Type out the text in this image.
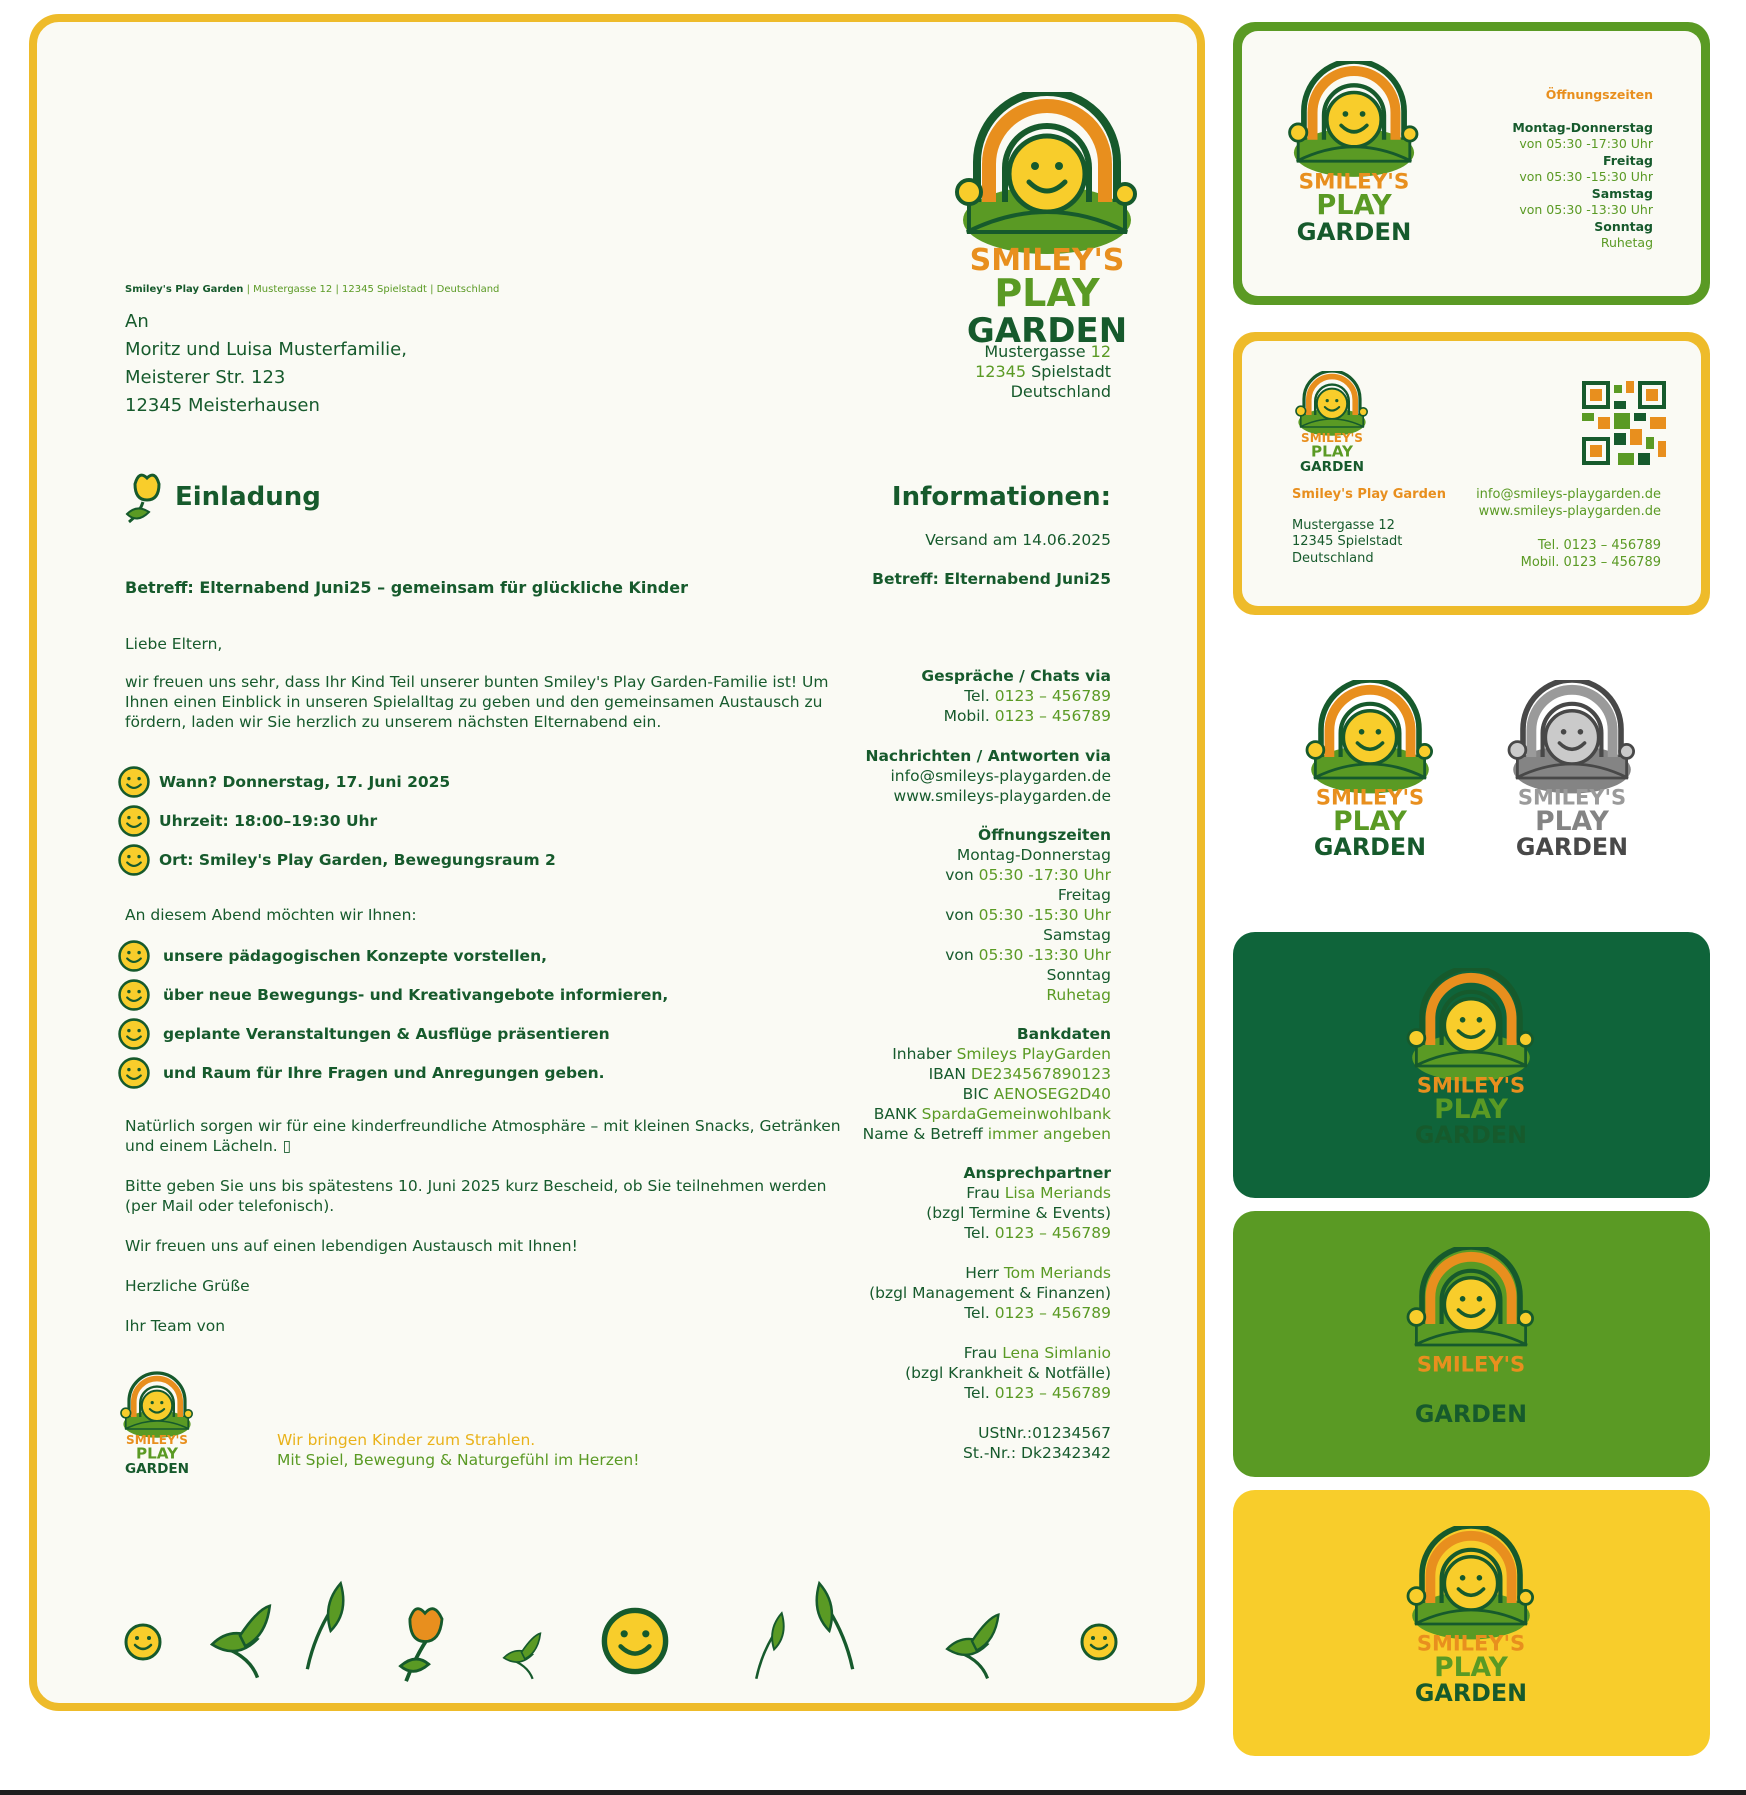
Smiley's Play Garden | Mustergasse 12 | 12345 Spielstadt | Deutschland
An
Moritz und Luisa Musterfamilie,
Meisterer Str. 123
12345 Meisterhausen
Mustergasse 12
12345 Spielstadt
Deutschland
Einladung
Betreff: Elternabend Juni25 – gemeinsam für glückliche Kinder
Liebe Eltern,
wir freuen uns sehr, dass Ihr Kind Teil unserer bunten Smiley's Play Garden-Familie ist! Um Ihnen einen Einblick in unseren Spielalltag zu geben und den gemeinsamen Austausch zu fördern, laden wir Sie herzlich zu unserem nächsten Elternabend ein.
Wann? Donnerstag, 17. Juni 2025
Uhrzeit: 18:00–19:30 Uhr
Ort: Smiley's Play Garden, Bewegungsraum 2
An diesem Abend möchten wir Ihnen:
unsere pädagogischen Konzepte vorstellen,
über neue Bewegungs- und Kreativangebote informieren,
geplante Veranstaltungen & Ausflüge präsentieren
und Raum für Ihre Fragen und Anregungen geben.
Natürlich sorgen wir für eine kinderfreundliche Atmosphäre – mit kleinen Snacks, Getränken und einem Lächeln. ▯
Bitte geben Sie uns bis spätestens 10. Juni 2025 kurz Bescheid, ob Sie teilnehmen werden (per Mail oder telefonisch).
Wir freuen uns auf einen lebendigen Austausch mit Ihnen!
Herzliche Grüße
Ihr Team von
Wir bringen Kinder zum Strahlen.
Mit Spiel, Bewegung & Naturgefühl im Herzen!
Informationen:
Versand am 14.06.2025
Betreff: Elternabend Juni25
Gespräche / Chats via
Tel. 0123 – 456789
Mobil. 0123 – 456789
Nachrichten / Antworten via
info@smileys-playgarden.de
www.smileys-playgarden.de
Öffnungszeiten
Montag-Donnerstag
von 05:30 -17:30 Uhr
Freitag
von 05:30 -15:30 Uhr
Samstag
von 05:30 -13:30 Uhr
Sonntag
Ruhetag
Bankdaten
Inhaber Smileys PlayGarden
IBAN DE234567890123
BIC AENOSEG2D40
BANK SpardaGemeinwohlbank
Name & Betreff immer angeben
Ansprechpartner
Frau Lisa Meriands
(bzgl Termine & Events)
Tel. 0123 – 456789
Herr Tom Meriands
(bzgl Management & Finanzen)
Tel. 0123 – 456789
Frau Lena Simlanio
(bzgl Krankheit & Notfälle)
Tel. 0123 – 456789
UStNr.:01234567
St.-Nr.: Dk2342342
Öffnungszeiten
Montag-Donnerstag
von 05:30 -17:30 Uhr
Freitag
von 05:30 -15:30 Uhr
Samstag
von 05:30 -13:30 Uhr
Sonntag
Ruhetag
Smiley's Play Garden
Mustergasse 12
12345 Spielstadt
Deutschland
info@smileys-playgarden.de
www.smileys-playgarden.de
Tel. 0123 – 456789
Mobil. 0123 – 456789
